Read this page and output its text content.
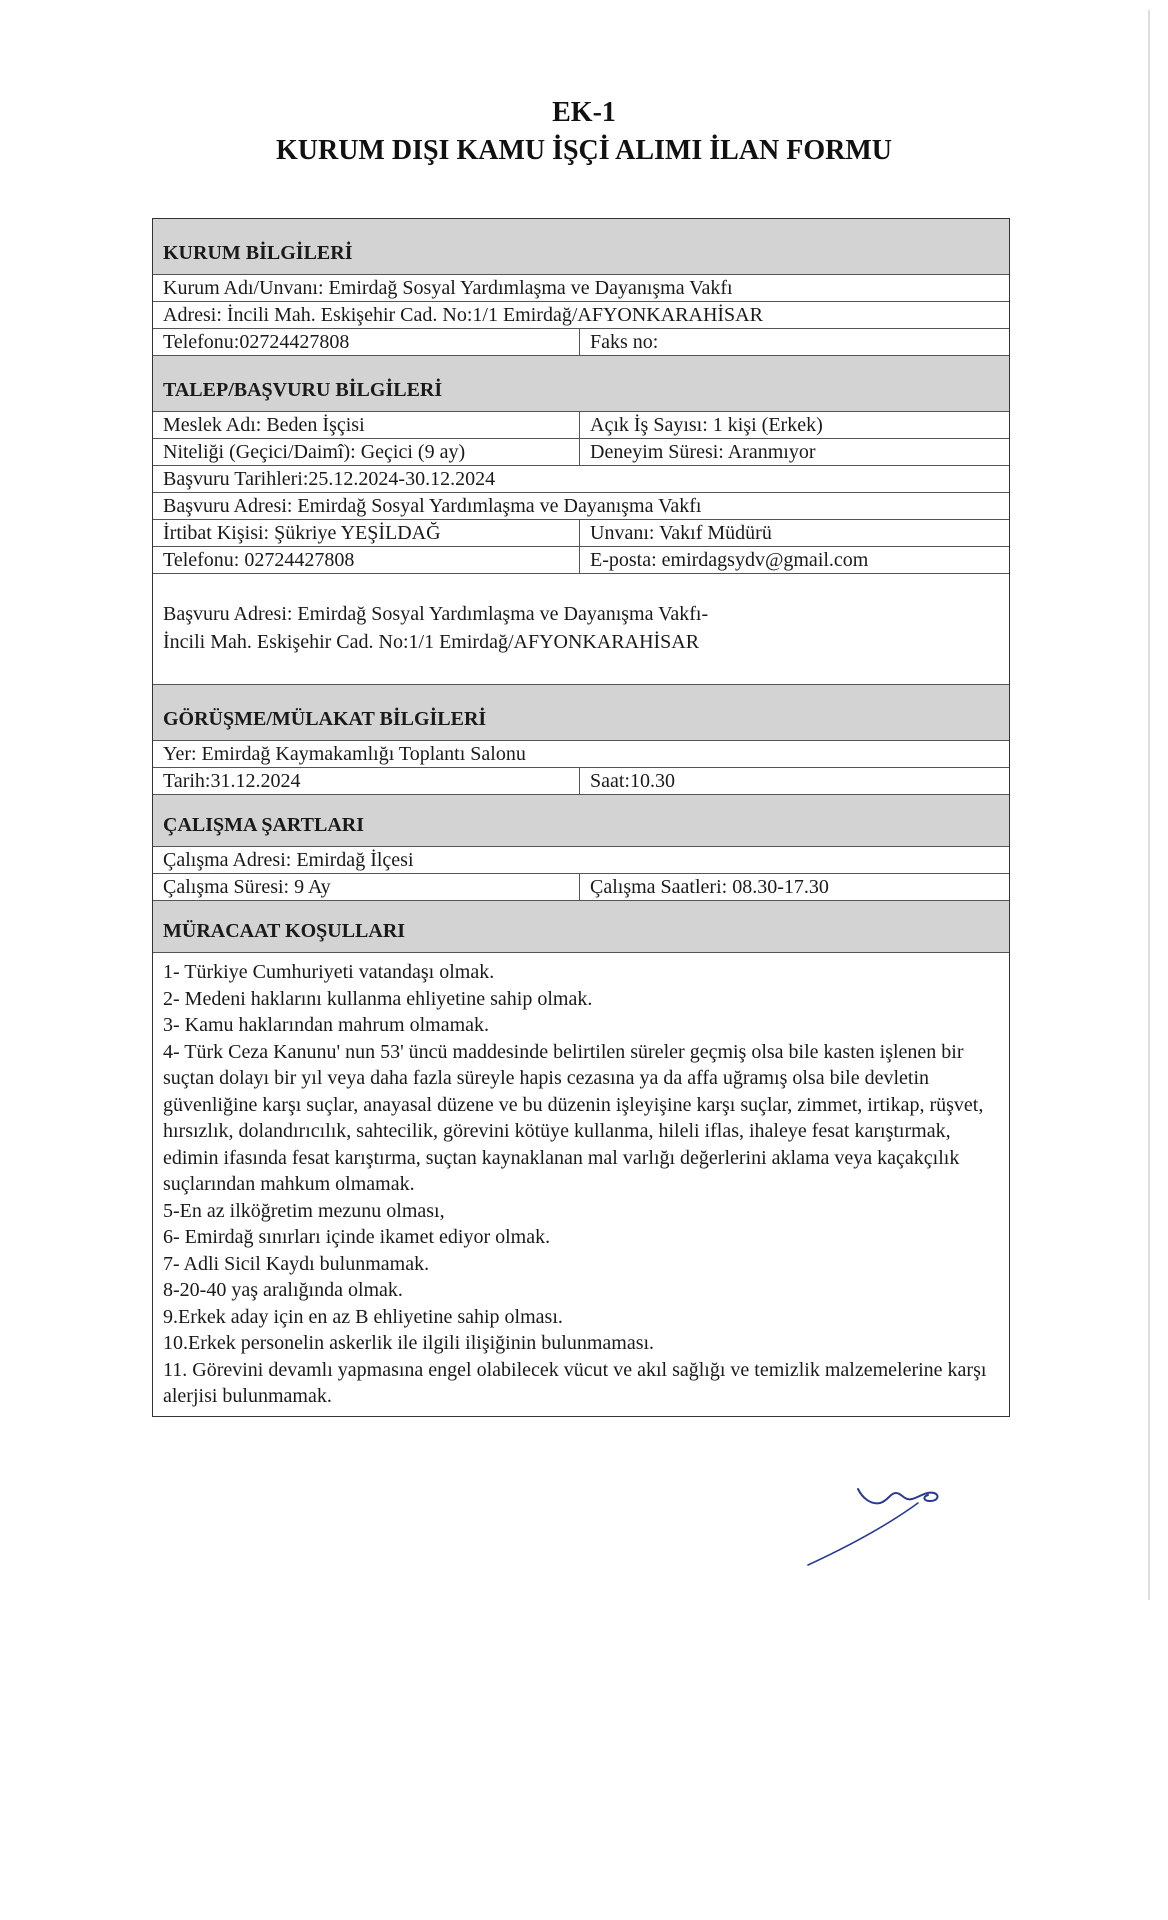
EK-1
KURUM DIŞI KAMU İŞÇİ ALIMI İLAN FORMU
KURUM BİLGİLERİ
Kurum Adı/Unvanı: Emirdağ Sosyal Yardımlaşma ve Dayanışma Vakfı
Adresi: İncili Mah. Eskişehir Cad. No:1/1 Emirdağ/AFYONKARAHİSAR
Telefonu:02724427808	Faks no:
TALEP/BAŞVURU BİLGİLERİ
Meslek Adı: Beden İşçisi	Açık İş Sayısı: 1 kişi (Erkek)
Niteliği (Geçici/Daimî): Geçici (9 ay)	Deneyim Süresi: Aranmıyor
Başvuru Tarihleri:25.12.2024-30.12.2024
Başvuru Adresi: Emirdağ Sosyal Yardımlaşma ve Dayanışma Vakfı
İrtibat Kişisi: Şükriye YEŞİLDAĞ	Unvanı: Vakıf Müdürü
Telefonu: 02724427808	E-posta: emirdagsydv@gmail.com
Başvuru Adresi: Emirdağ Sosyal Yardımlaşma ve Dayanışma Vakfı-
İncili Mah. Eskişehir Cad. No:1/1 Emirdağ/AFYONKARAHİSAR
GÖRÜŞME/MÜLAKAT BİLGİLERİ
Yer: Emirdağ Kaymakamlığı Toplantı Salonu
Tarih:31.12.2024	Saat:10.30
ÇALIŞMA ŞARTLARI
Çalışma Adresi: Emirdağ İlçesi
Çalışma Süresi: 9 Ay	Çalışma Saatleri: 08.30-17.30
MÜRACAAT KOŞULLARI
1- Türkiye Cumhuriyeti vatandaşı olmak.
2- Medeni haklarını kullanma ehliyetine sahip olmak.
3- Kamu haklarından mahrum olmamak.
4- Türk Ceza Kanunu' nun 53' üncü maddesinde belirtilen süreler geçmiş olsa bile kasten işlenen bir suçtan dolayı bir yıl veya daha fazla süreyle hapis cezasına ya da affa uğramış olsa bile devletin güvenliğine karşı suçlar, anayasal düzene ve bu düzenin işleyişine karşı suçlar, zimmet, irtikap, rüşvet, hırsızlık, dolandırıcılık, sahtecilik, görevini kötüye kullanma, hileli iflas, ihaleye fesat karıştırmak, edimin ifasında fesat karıştırma, suçtan kaynaklanan mal varlığı değerlerini aklama veya kaçakçılık suçlarından mahkum olmamak.
5-En az ilköğretim mezunu olması,
6- Emirdağ sınırları içinde ikamet ediyor olmak.
7- Adli Sicil Kaydı bulunmamak.
8-20-40 yaş aralığında olmak.
9.Erkek aday için en az B ehliyetine sahip olması.
10.Erkek personelin askerlik ile ilgili ilişiğinin bulunmaması.
11. Görevini devamlı yapmasına engel olabilecek vücut ve akıl sağlığı ve temizlik malzemelerine karşı alerjisi bulunmamak.
